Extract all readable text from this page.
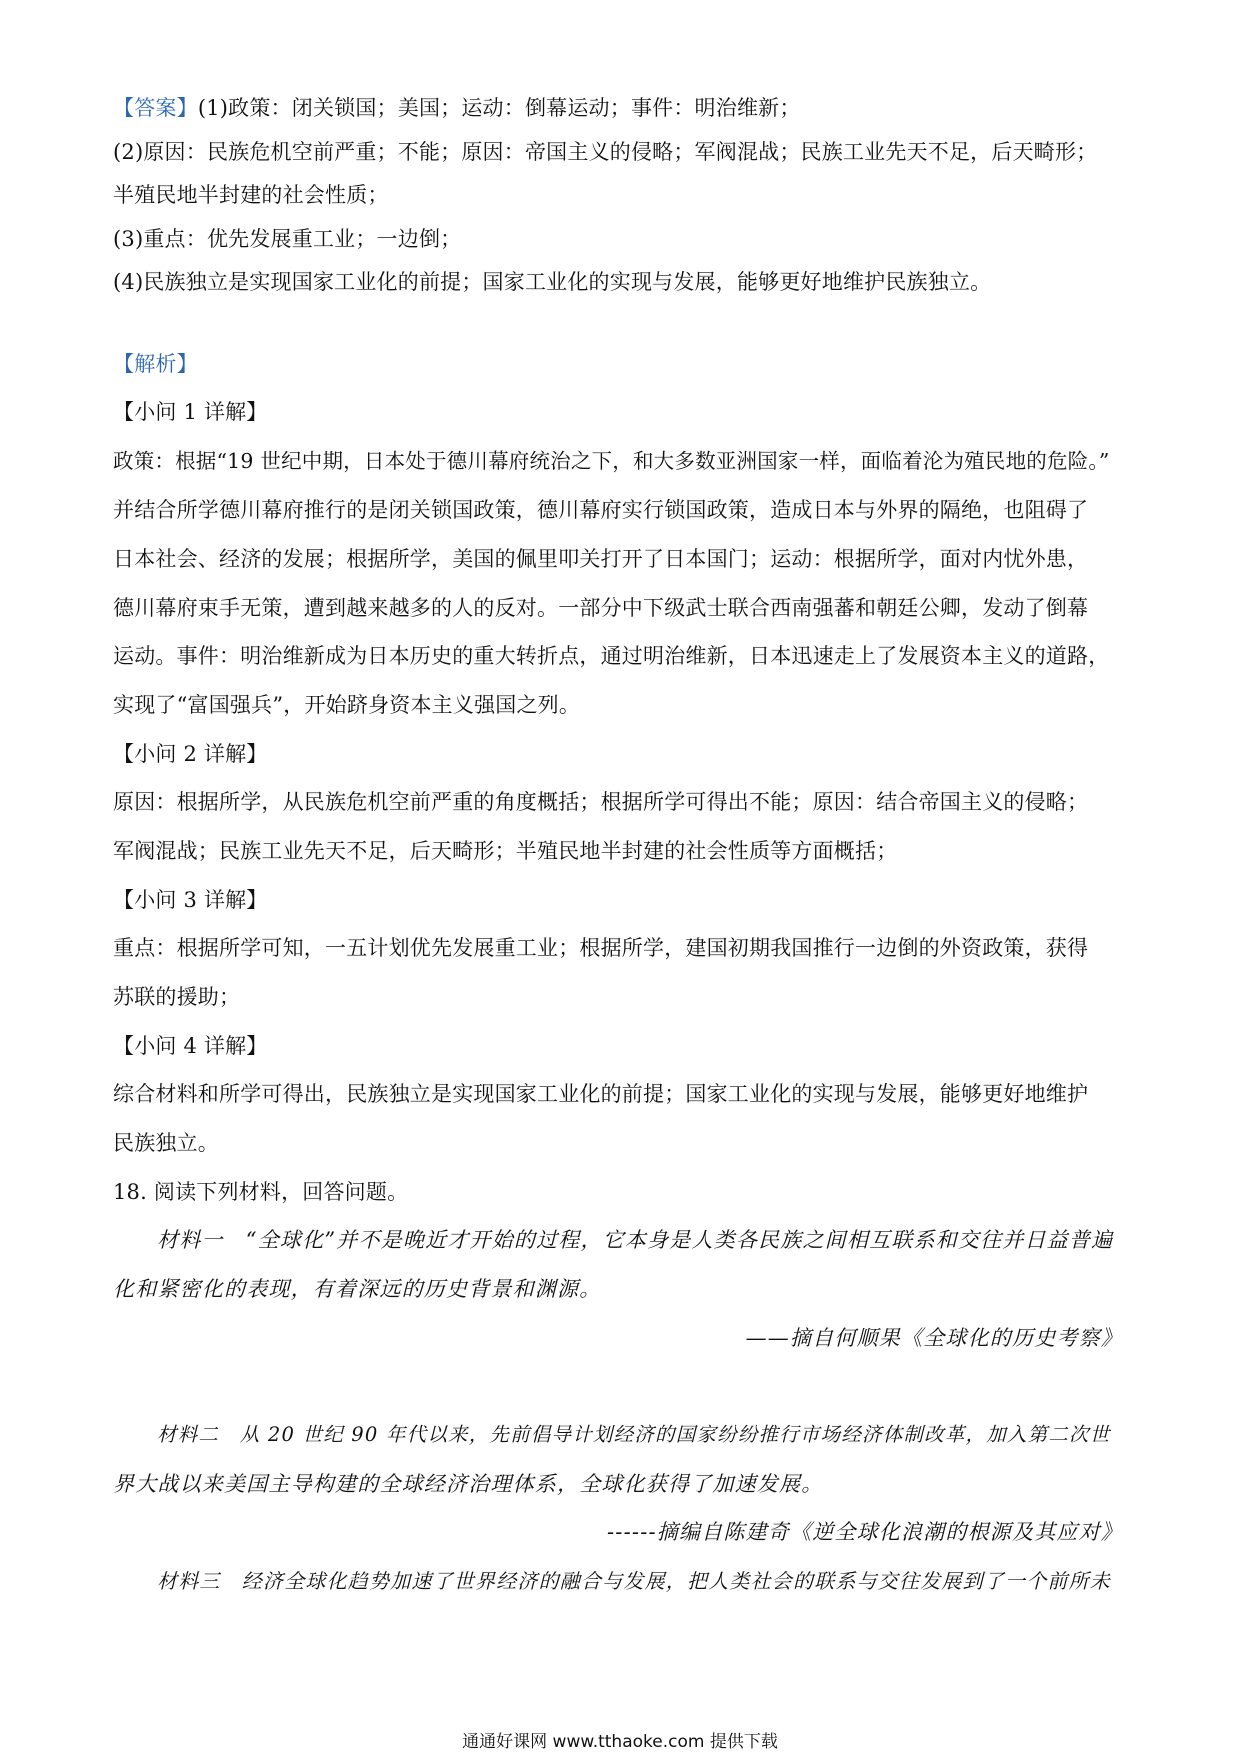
【答案】(1)政策：闭关锁国；美国；运动：倒幕运动；事件：明治维新；
(2)原因：民族危机空前严重；不能；原因：帝国主义的侵略；军阀混战；民族工业先天不足，后天畸形；
半殖民地半封建的社会性质；
(3)重点：优先发展重工业；一边倒；
(4)民族独立是实现国家工业化的前提；国家工业化的实现与发展，能够更好地维护民族独立。
【解析】
【小问 1 详解】
政策：根据“19 世纪中期，日本处于德川幕府统治之下，和大多数亚洲国家一样，面临着沦为殖民地的危险。”
并结合所学德川幕府推行的是闭关锁国政策，德川幕府实行锁国政策，造成日本与外界的隔绝，也阻碍了
日本社会、经济的发展；根据所学，美国的佩里叩关打开了日本国门；运动：根据所学，面对内忧外患，
德川幕府束手无策，遭到越来越多的人的反对。一部分中下级武士联合西南强蕃和朝廷公卿，发动了倒幕
运动。事件：明治维新成为日本历史的重大转折点，通过明治维新，日本迅速走上了发展资本主义的道路，
实现了“富国强兵”，开始跻身资本主义强国之列。
【小问 2 详解】
原因：根据所学，从民族危机空前严重的角度概括；根据所学可得出不能；原因：结合帝国主义的侵略；
军阀混战；民族工业先天不足，后天畸形；半殖民地半封建的社会性质等方面概括；
【小问 3 详解】
重点：根据所学可知，一五计划优先发展重工业；根据所学，建国初期我国推行一边倒的外资政策，获得
苏联的援助；
【小问 4 详解】
综合材料和所学可得出，民族独立是实现国家工业化的前提；国家工业化的实现与发展，能够更好地维护
民族独立。
18. 阅读下列材料，回答问题。
材料一　“全球化”并不是晚近才开始的过程，它本身是人类各民族之间相互联系和交往并日益普遍
化和紧密化的表现，有着深远的历史背景和渊源。
——摘自何顺果《全球化的历史考察》
材料二　从 20 世纪 90 年代以来，先前倡导计划经济的国家纷纷推行市场经济体制改革，加入第二次世
界大战以来美国主导构建的全球经济治理体系，全球化获得了加速发展。
------摘编自陈建奇《逆全球化浪潮的根源及其应对》
材料三　经济全球化趋势加速了世界经济的融合与发展，把人类社会的联系与交往发展到了一个前所未
通通好课网 www.tthaoke.com 提供下载
